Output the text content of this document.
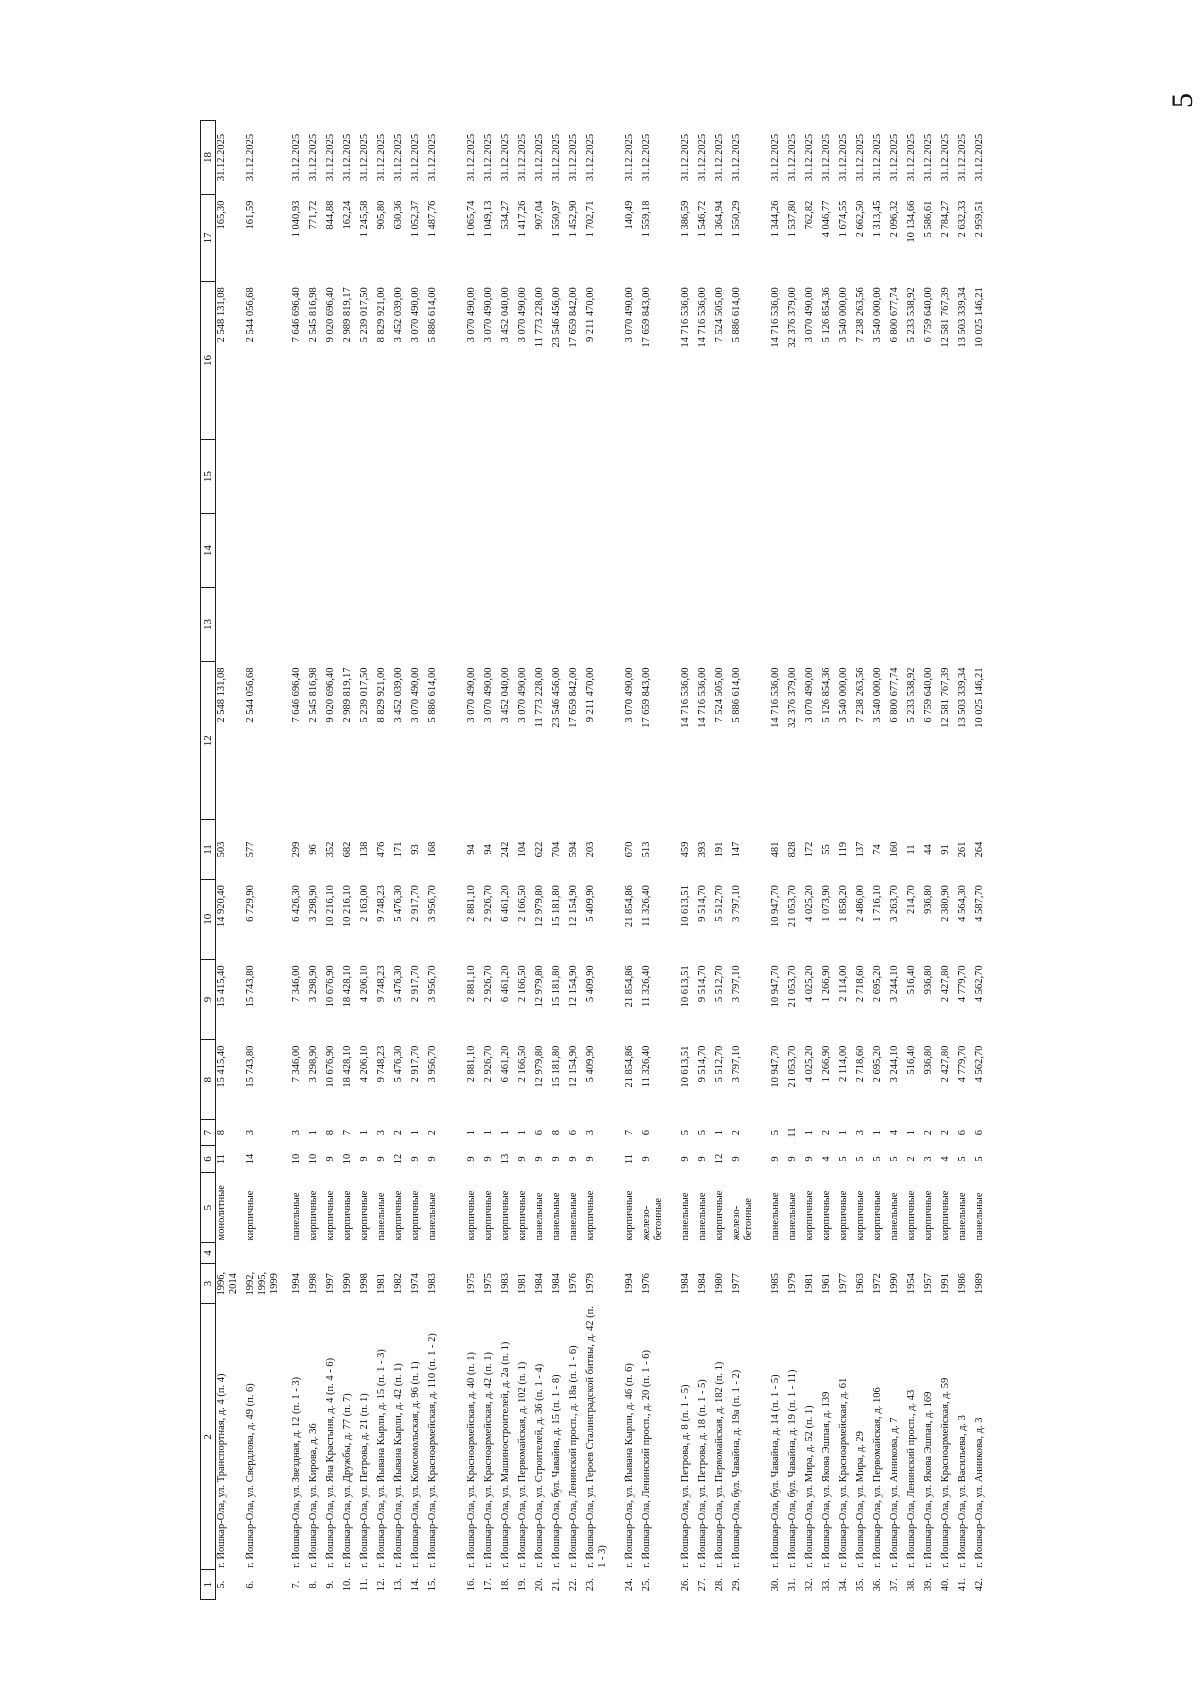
5
1	2	3	4	5	6	7	8	9	10	11	12	13	14	15	16	17	18
5.	г. Йошкар-Ола, ул. Транспортная, д. 4 (п. 4)	1996, 2014		монолитные	11	8	15 415,40	15 415,40	14 920,40	503	2 548 131,08				2 548 131,08	165,30	31.12.2025
6.	г. Йошкар-Ола, ул. Свердлова, д. 49 (п. 6)	1992, 1995, 1999		кирпичные	14	3	15 743,80	15 743,80	6 729,90	577	2 544 056,68				2 544 056,68	161,59	31.12.2025

7.	г. Йошкар-Ола, ул. Звездная, д. 12 (п. 1 - 3)	1994		панельные	10	3	7 346,00	7 346,00	6 426,30	299	7 646 696,40				7 646 696,40	1 040,93	31.12.2025
8.	г. Йошкар-Ола, ул. Кирова, д. 36	1998		кирпичные	10	1	3 298,90	3 298,90	3 298,90	96	2 545 816,98				2 545 816,98	771,72	31.12.2025
9.	г. Йошкар-Ола, ул. Яна Крастыня, д. 4 (п. 4 - 6)	1997		кирпичные	9	8	10 676,90	10 676,90	10 216,10	352	9 020 696,40				9 020 696,40	844,88	31.12.2025
10.	г. Йошкар-Ола, ул. Дружбы, д. 77 (п. 7)	1990		кирпичные	10	7	18 428,10	18 428,10	10 216,10	682	2 989 819,17				2 989 819,17	162,24	31.12.2025
11.	г. Йошкар-Ола, ул. Петрова, д. 21 (п. 1)	1998		кирпичные	9	1	4 206,10	4 206,10	2 163,00	138	5 239 017,50				5 239 017,50	1 245,58	31.12.2025
12.	г. Йошкар-Ола, ул. Йывана Кырли, д. 15 (п. 1 - 3)	1981		панельные	9	3	9 748,23	9 748,23	9 748,23	476	8 829 921,00				8 829 921,00	905,80	31.12.2025
13.	г. Йошкар-Ола, ул. Йывана Кырли, д. 42 (п. 1)	1982		кирпичные	12	2	5 476,30	5 476,30	5 476,30	171	3 452 039,00				3 452 039,00	630,36	31.12.2025
14.	г. Йошкар-Ола, ул. Комсомольская, д. 96 (п. 1)	1974		кирпичные	9	1	2 917,70	2 917,70	2 917,70	93	3 070 490,00				3 070 490,00	1 052,37	31.12.2025
15.	г. Йошкар-Ола, ул. Красноармейская, д. 110 (п. 1 - 2)	1983		панельные	9	2	3 956,70	3 956,70	3 956,70	168	5 886 614,00				5 886 614,00	1 487,76	31.12.2025

16.	г. Йошкар-Ола, ул. Красноармейская, д. 40 (п. 1)	1975		кирпичные	9	1	2 881,10	2 881,10	2 881,10	94	3 070 490,00				3 070 490,00	1 065,74	31.12.2025
17.	г. Йошкар-Ола, ул. Красноармейская, д. 42 (п. 1)	1975		кирпичные	9	1	2 926,70	2 926,70	2 926,70	94	3 070 490,00				3 070 490,00	1 049,13	31.12.2025
18.	г. Йошкар-Ола, ул. Машиностроителей, д. 2а (п. 1)	1983		кирпичные	13	1	6 461,20	6 461,20	6 461,20	242	3 452 040,00				3 452 040,00	534,27	31.12.2025
19.	г. Йошкар-Ола, ул. Первомайская, д. 102 (п. 1)	1981		кирпичные	9	1	2 166,50	2 166,50	2 166,50	104	3 070 490,00				3 070 490,00	1 417,26	31.12.2025
20.	г. Йошкар-Ола, ул. Строителей, д. 36 (п. 1 - 4)	1984		панельные	9	6	12 979,80	12 979,80	12 979,80	622	11 773 228,00				11 773 228,00	907,04	31.12.2025
21.	г. Йошкар-Ола, бул. Чавайна, д. 15 (п. 1 - 8)	1984		панельные	9	8	15 181,80	15 181,80	15 181,80	704	23 546 456,00				23 546 456,00	1 550,97	31.12.2025
22.	г. Йошкар-Ола, Ленинский просп., д. 18а (п. 1 - 6)	1976		панельные	9	6	12 154,90	12 154,90	12 154,90	594	17 659 842,00				17 659 842,00	1 452,90	31.12.2025
23.	г. Йошкар-Ола, ул. Героев Сталинградской битвы, д. 42 (п. 1 - 3)	1979		кирпичные	9	3	5 409,90	5 409,90	5 409,90	203	9 211 470,00				9 211 470,00	1 702,71	31.12.2025

24.	г. Йошкар-Ола, ул. Йывана Кырли, д. 46 (п. 6)	1994		кирпичные	11	7	21 854,86	21 854,86	21 854,86	670	3 070 490,00				3 070 490,00	140,49	31.12.2025
25.	г. Йошкар-Ола, Ленинский просп., д. 20 (п. 1 - 6)	1976		железо-бетонные	9	6	11 326,40	11 326,40	11 326,40	513	17 659 843,00				17 659 843,00	1 559,18	31.12.2025

26.	г. Йошкар-Ола, ул. Петрова, д. 8 (п. 1 - 5)	1984		панельные	9	5	10 613,51	10 613,51	10 613,51	459	14 716 536,00				14 716 536,00	1 386,59	31.12.2025
27.	г. Йошкар-Ола, ул. Петрова, д. 18 (п. 1 - 5)	1984		панельные	9	5	9 514,70	9 514,70	9 514,70	393	14 716 536,00				14 716 536,00	1 546,72	31.12.2025
28.	г. Йошкар-Ола, ул. Первомайская, д. 182 (п. 1)	1980		кирпичные	12	1	5 512,70	5 512,70	5 512,70	191	7 524 505,00				7 524 505,00	1 364,94	31.12.2025
29.	г. Йошкар-Ола, бул. Чавайна, д. 19а (п. 1 - 2)	1977		железо-бетонные	9	2	3 797,10	3 797,10	3 797,10	147	5 886 614,00				5 886 614,00	1 550,29	31.12.2025

30.	г. Йошкар-Ола, бул. Чавайна, д. 14 (п. 1 - 5)	1985		панельные	9	5	10 947,70	10 947,70	10 947,70	481	14 716 536,00				14 716 536,00	1 344,26	31.12.2025
31.	г. Йошкар-Ола, бул. Чавайна, д. 19 (п. 1 - 11)	1979		панельные	9	11	21 053,70	21 053,70	21 053,70	828	32 376 379,00				32 376 379,00	1 537,80	31.12.2025
32.	г. Йошкар-Ола, ул. Мира, д. 52 (п. 1)	1981		кирпичные	9	1	4 025,20	4 025,20	4 025,20	172	3 070 490,00				3 070 490,00	762,82	31.12.2025
33.	г. Йошкар-Ола, ул. Якова Эшпая, д. 139	1961		кирпичные	4	2	1 266,90	1 266,90	1 073,90	55	5 126 854,36				5 126 854,36	4 046,77	31.12.2025
34.	г. Йошкар-Ола, ул. Красноармейская, д. 61	1977		кирпичные	5	1	2 114,00	2 114,00	1 858,20	119	3 540 000,00				3 540 000,00	1 674,55	31.12.2025
35.	г. Йошкар-Ола, ул. Мира, д. 29	1963		кирпичные	5	3	2 718,60	2 718,60	2 486,00	137	7 238 263,56				7 238 263,56	2 662,50	31.12.2025
36.	г. Йошкар-Ола, ул. Первомайская, д. 106	1972		кирпичные	5	1	2 695,20	2 695,20	1 716,10	74	3 540 000,00				3 540 000,00	1 313,45	31.12.2025
37.	г. Йошкар-Ола, ул. Анникова, д. 7	1990		панельные	5	4	3 244,10	3 244,10	3 263,70	160	6 800 677,74				6 800 677,74	2 096,32	31.12.2025
38.	г. Йошкар-Ола, Ленинский просп., д. 43	1954		кирпичные	2	1	516,40	516,40	214,70	11	5 233 538,92				5 233 538,92	10 134,66	31.12.2025
39.	г. Йошкар-Ола, ул. Якова Эшпая, д. 169	1957		кирпичные	3	2	936,80	936,80	936,80	44	6 759 640,00				6 759 640,00	5 586,61	31.12.2025
40.	г. Йошкар-Ола, ул. Красноармейская, д. 59	1991		кирпичные	4	2	2 427,80	2 427,80	2 380,90	91	12 581 767,39				12 581 767,39	2 784,27	31.12.2025
41.	г. Йошкар-Ола, ул. Васильева, д. 3	1986		панельные	5	6	4 779,70	4 779,70	4 564,30	261	13 503 339,34				13 503 339,34	2 632,33	31.12.2025
42.	г. Йошкар-Ола, ул. Анникова, д. 3	1989		панельные	5	6	4 562,70	4 562,70	4 587,70	264	10 025 146,21				10 025 146,21	2 959,51	31.12.2025
